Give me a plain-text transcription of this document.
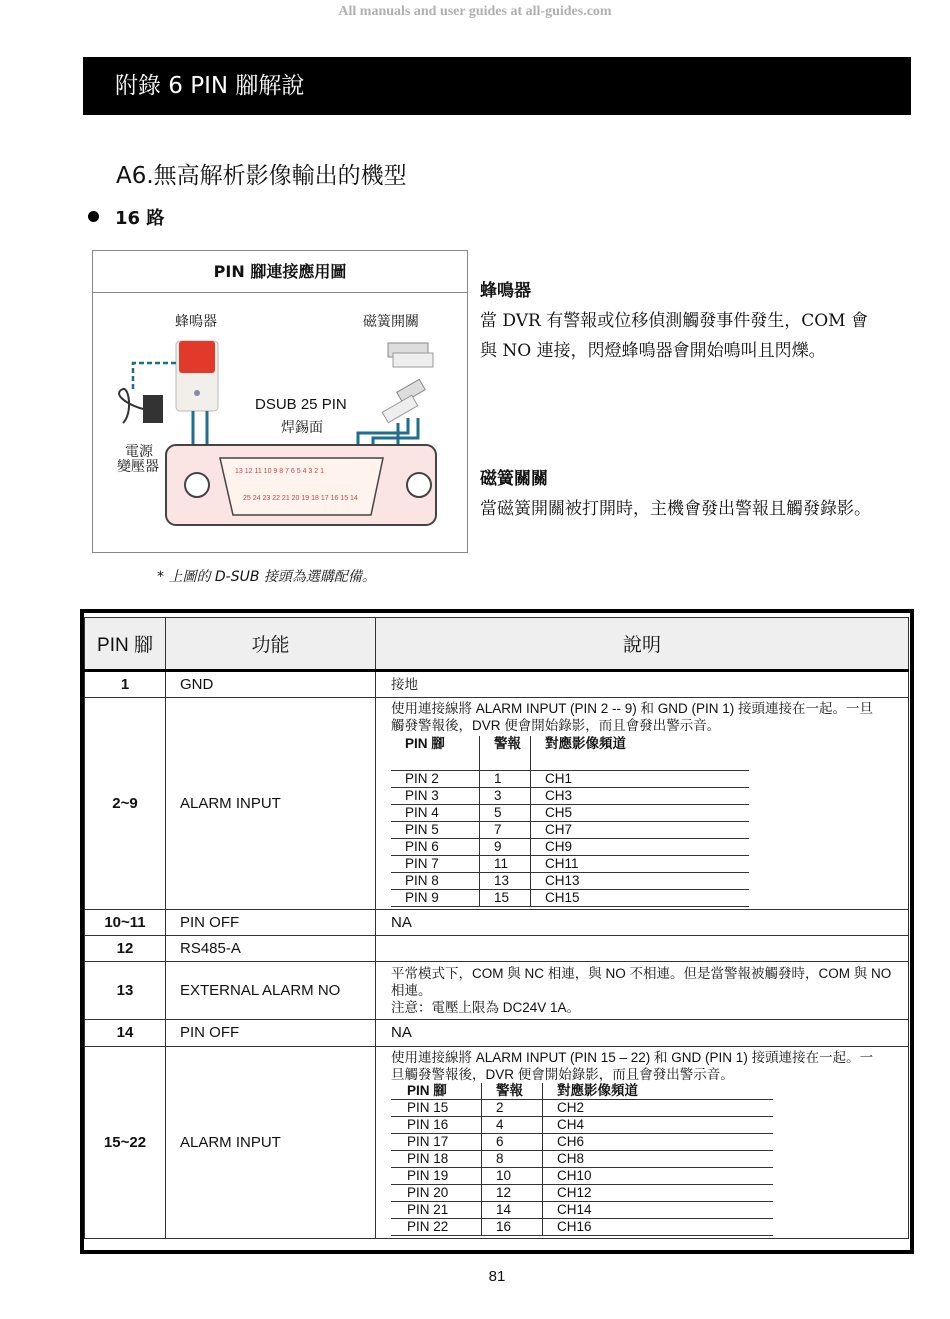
All manuals and user guides at all-guides.com
附錄 6 PIN 腳解說
A6.無高解析影像輸出的機型
16 路
PIN 腳連接應用圖
蜂鳴器	磁簧開關
DSUB 25 PIN
焊錫面
電源
變壓器	13 12 11 10 9 8 7 6 5 4 3 2 1
25 24 23 22 21 20 19 18 17 16 15 14
蜂鳴器
當 DVR 有警報或位移偵測觸發事件發生，COM 會
與 NO 連接，閃燈蜂鳴器會開始鳴叫且閃爍。
磁簧關關
當磁簧開關被打開時，主機會發出警報且觸發錄影。
* 上圖的 D-SUB 接頭為選購配備。
PIN 腳	功能	說明
1	GND	接地
2~9	ALARM INPUT	
使用連接線將 ALARM INPUT (PIN 2 -- 9) 和 GND (PIN 1) 接頭連接在一起。一旦
觸發警報後，DVR 便會開始錄影，而且會發出警示音。
PIN 腳	警報	對應影像頻道
PIN 2	1	CH1
PIN 3	3	CH3
PIN 4	5	CH5
PIN 5	7	CH7
PIN 6	9	CH9
PIN 7	11	CH11
PIN 8	13	CH13
PIN 9	15	CH15

10~11	PIN OFF	NA
12	RS485-A	
13	EXTERNAL ALARM NO	
平常模式下，COM 與 NC 相連，與 NO 不相連。但是當警報被觸發時，COM 與 NO
相連。
注意：電壓上限為 DC24V 1A。

14	PIN OFF	NA
15~22	ALARM INPUT	
使用連接線將 ALARM INPUT (PIN 15 – 22) 和 GND (PIN 1) 接頭連接在一起。一
旦觸發警報後，DVR 便會開始錄影，而且會發出警示音。
PIN 腳	警報	對應影像頻道
PIN 15	2	CH2
PIN 16	4	CH4
PIN 17	6	CH6
PIN 18	8	CH8
PIN 19	10	CH10
PIN 20	12	CH12
PIN 21	14	CH14
PIN 22	16	CH16
81
